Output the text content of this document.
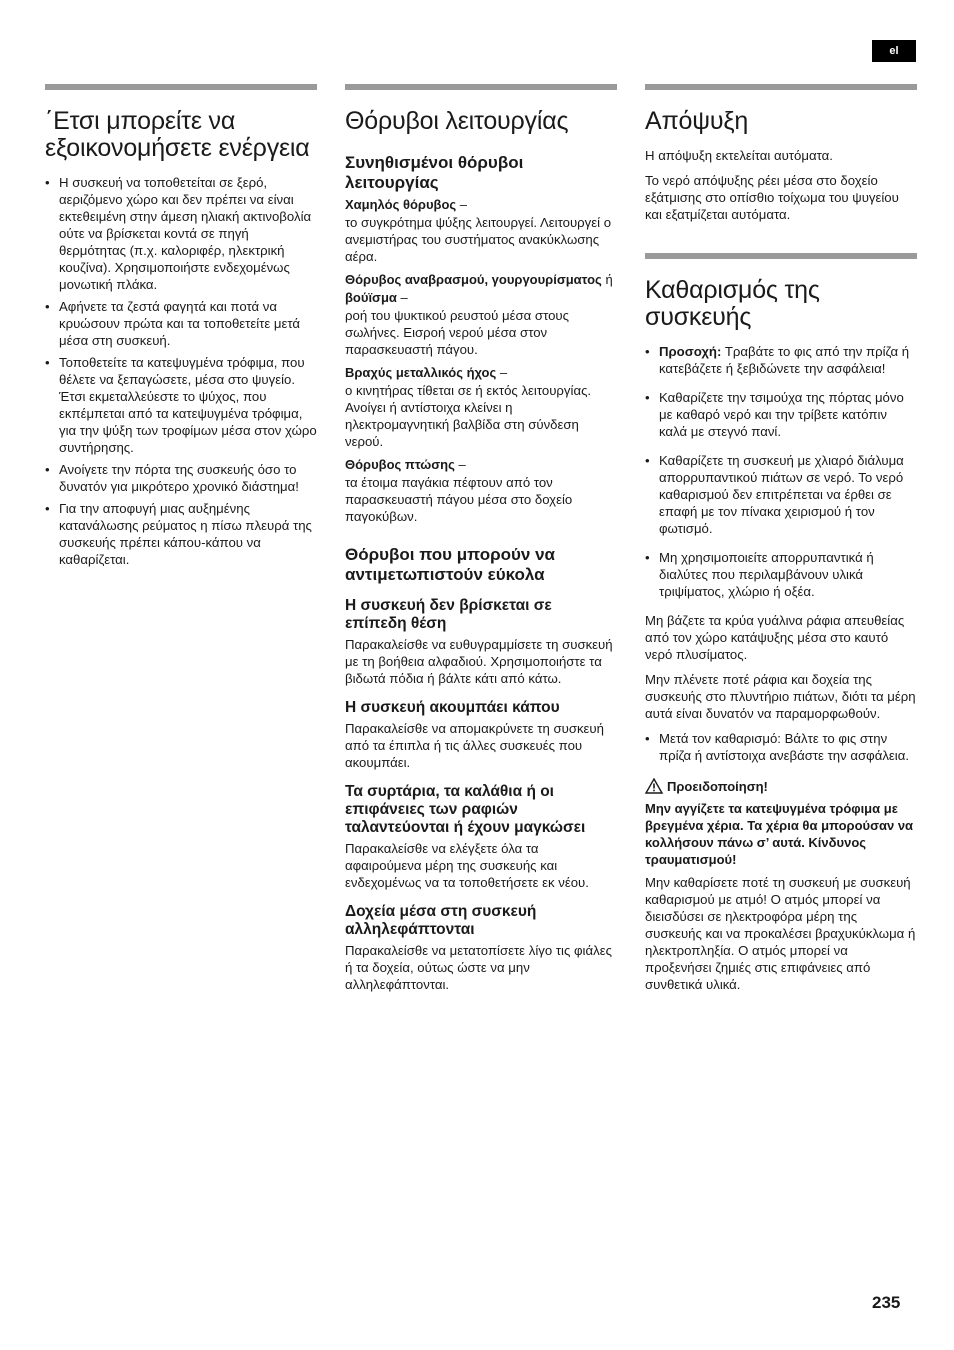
el
΄Ετσι μπορείτε να εξοικονομήσετε ενέργεια
• Η συσκευή να τοποθετείται σε ξερό, αεριζόμενο χώρο και δεν πρέπει να είναι εκτεθειμένη στην άμεση ηλιακή ακτινοβολία ούτε να βρίσκεται κοντά σε πηγή θερμότητας (π.χ. καλοριφέρ, ηλεκτρική κουζίνα). Χρησιμοποιήστε ενδεχομένως μονωτική πλάκα.
• Αφήνετε τα ζεστά φαγητά και ποτά να κρυώσουν πρώτα και τα τοποθετείτε μετά μέσα στη συσκευή.
• Τοποθετείτε τα κατεψυγμένα τρόφιμα, που θέλετε να ξεπαγώσετε, μέσα στο ψυγείο. Έτσι εκμεταλλεύεστε το ψύχος, που εκπέμπεται από τα κατεψυγμένα τρόφιμα, για την ψύξη των τροφίμων μέσα στον χώρο συντήρησης.
• Ανοίγετε την πόρτα της συσκευής όσο το δυνατόν για μικρότερο χρονικό διάστημα!
• Για την αποφυγή μιας αυξημένης κατανάλωσης ρεύματος η πίσω πλευρά της συσκευής πρέπει κάπου-κάπου να καθαρίζεται.
Θόρυβοι λειτουργίας
Συνηθισμένοι θόρυβοι λειτουργίας
Χαμηλός θόρυβος –

το συγκρότημα ψύξης λειτουργεί. Λειτουργεί ο ανεμιστήρας του συστήματος ανακύκλωσης αέρα.

Θόρυβος αναβρασμού, γουργουρίσματος ή βούϊσμα –

ροή του ψυκτικού ρευστού μέσα στους σωλήνες. Εισροή νερού μέσα στον παρασκευαστή πάγου.

Βραχύς μεταλλικός ήχος –

ο κινητήρας τίθεται σε ή εκτός λειτουργίας. Ανοίγει ή αντίστοιχα κλείνει η ηλεκτρομαγνητική βαλβίδα στη σύνδεση νερού.

Θόρυβος πτώσης –

τα έτοιμα παγάκια πέφτουν από τον παρασκευαστή πάγου μέσα στο δοχείο παγοκύβων.

Θόρυβοι που μπορούν να αντιμετωπιστούν εύκολα
Η συσκευή δεν βρίσκεται σε επίπεδη θέση

Παρακαλείσθε να ευθυγραμμίσετε τη συσκευή με τη βοήθεια αλφαδιού. Χρησιμοποιήστε τα βιδωτά πόδια ή βάλτε κάτι από κάτω.

Η συσκευή ακουμπάει κάπου

Παρακαλείσθε να απομακρύνετε τη συσκευή από τα έπιπλα ή τις άλλες συσκευές που ακουμπάει.

Τα συρτάρια, τα καλάθια ή οι επιφάνειες των ραφιών ταλαντεύονται ή έχουν μαγκώσει

Παρακαλείσθε να ελέγξετε όλα τα αφαιρούμενα μέρη της συσκευής και ενδεχομένως να τα τοποθετήσετε εκ νέου.

Δοχεία μέσα στη συσκευή αλληλεφάπτονται

Παρακαλείσθε να μετατοπίσετε λίγο τις φιάλες ή τα δοχεία, ούτως ώστε να μην αλληλεφάπτονται.

Απόψυξη

Η απόψυξη εκτελείται αυτόματα.

Το νερό απόψυξης ρέει μέσα στο δοχείο εξάτμισης στο οπίσθιο τοίχωμα του ψυγείου και εξατμίζεται αυτόματα.

Καθαρισμός της συσκευής
• Προσοχή: Τραβάτε το φις από την πρίζα ή κατεβάζετε ή ξεβιδώνετε την ασφάλεια!
• Καθαρίζετε την τσιμούχα της πόρτας μόνο με καθαρό νερό και την τρίβετε κατόπιν καλά με στεγνό πανί.
• Καθαρίζετε τη συσκευή με χλιαρό διάλυμα απορρυπαντικού πιάτων σε νερό. Το νερό καθαρισμού δεν επιτρέπεται να έρθει σε επαφή με τον πίνακα χειρισμού ή τον φωτισμό.
• Μη χρησιμοποιείτε απορρυπαντικά ή διαλύτες που περιλαμβάνουν υλικά τριψίματος, χλώριο ή οξέα.

Μη βάζετε τα κρύα γυάλινα ράφια απευθείας από τον χώρο κατάψυξης μέσα στο καυτό νερό πλυσίματος.

Μην πλένετε ποτέ ράφια και δοχεία της συσκευής στο πλυντήριο πιάτων, διότι τα μέρη αυτά είναι δυνατόν να παραμορφωθούν.

• Μετά τον καθαρισμό: Βάλτε το φις στην πρίζα ή αντίστοιχα ανεβάστε την ασφάλεια.
Προειδοποίηση!
Μην αγγίζετε τα κατεψυγμένα τρόφιμα με βρεγμένα χέρια. Τα χέρια θα μπορούσαν να κολλήσουν πάνω σ’ αυτά. Κίνδυνος τραυματισμού!

Μην καθαρίσετε ποτέ τη συσκευή με συσκευή καθαρισμού με ατμό! Ο ατμός μπορεί να διεισδύσει σε ηλεκτροφόρα μέρη της συσκευής και να προκαλέσει βραχυκύκλωμα ή ηλεκτροπληξία. Ο ατμός μπορεί να προξενήσει ζημιές στις επιφάνειες από συνθετικά υλικά.

235
